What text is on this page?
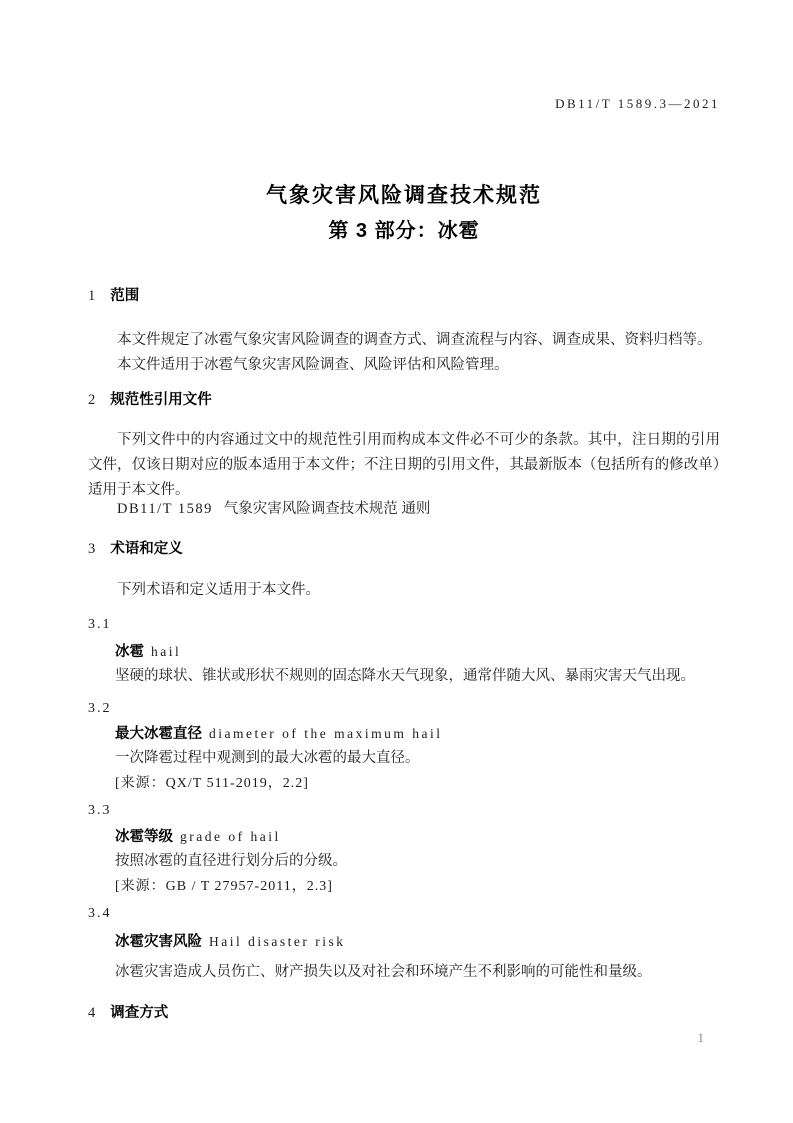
DB11/T 1589.3—2021
气象灾害风险调查技术规范
第 3 部分：冰雹
1 范围

本文件规定了冰雹气象灾害风险调查的调查方式、调查流程与内容、调查成果、资料归档等。

本文件适用于冰雹气象灾害风险调查、风险评估和风险管理。

2 规范性引用文件

下列文件中的内容通过文中的规范性引用而构成本文件必不可少的条款。其中，注日期的引用文件，仅该日期对应的版本适用于本文件；不注日期的引用文件，其最新版本（包括所有的修改单）适用于本文件。

DB11/T 1589 气象灾害风险调查技术规范 通则

3 术语和定义

下列术语和定义适用于本文件。

3.1
冰雹 hail

坚硬的球状、锥状或形状不规则的固态降水天气现象，通常伴随大风、暴雨灾害天气出现。

3.2
最大冰雹直径 diameter of the maximum hail

一次降雹过程中观测到的最大冰雹的最大直径。

[来源：QX/T 511-2019，2.2]

3.3
冰雹等级 grade of hail

按照冰雹的直径进行划分后的分级。

[来源：GB / T 27957-2011，2.3]

3.4
冰雹灾害风险 Hail disaster risk

冰雹灾害造成人员伤亡、财产损失以及对社会和环境产生不利影响的可能性和量级。

4 调查方式
1
